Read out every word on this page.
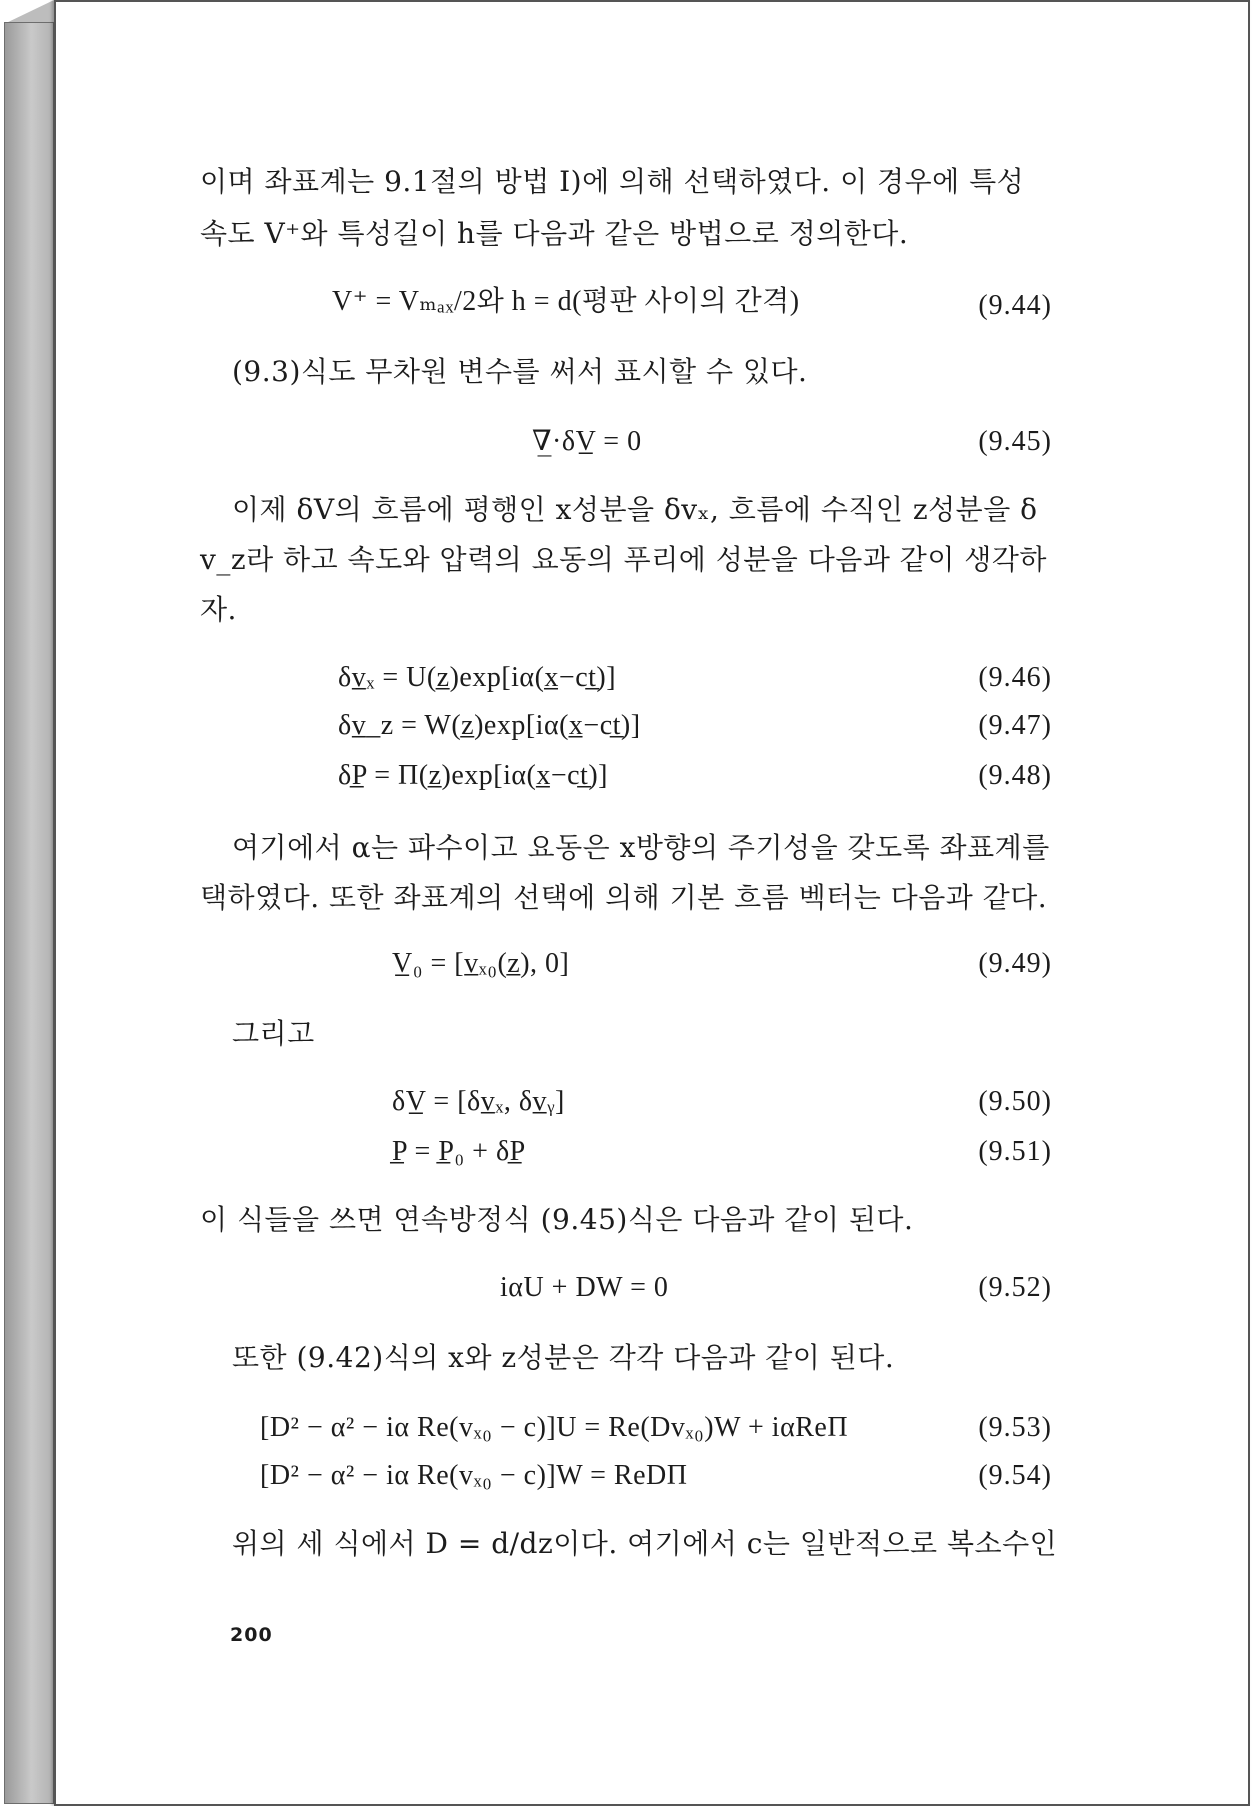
이며 좌표계는 9.1절의 방법 Ⅰ)에 의해 선택하였다. 이 경우에 특성
속도 V⁺와 특성길이 h를 다음과 같은 방법으로 정의한다.
V⁺ = Vₘₐₓ/2와 h = d(평판 사이의 간격)	(9.44)
(9.3)식도 무차원 변수를 써서 표시할 수 있다.
∇̲·δV̲ = 0	(9.45)
이제 δV의 흐름에 평행인 x성분을 δvₓ, 흐름에 수직인 z성분을 δ
v_z라 하고 속도와 압력의 요동의 푸리에 성분을 다음과 같이 생각하
자.
δv̲ₓ = U(z̲)exp[iα(x̲−ct̲)]	(9.46)
δv̲_z = W(z̲)exp[iα(x̲−ct̲)]	(9.47)
δP̲ = Π(z̲)exp[iα(x̲−ct̲)]	(9.48)
여기에서 α는 파수이고 요동은 x방향의 주기성을 갖도록 좌표계를
택하였다. 또한 좌표계의 선택에 의해 기본 흐름 벡터는 다음과 같다.
V̲₀ = [v̲ₓ₀(z̲), 0]	(9.49)
그리고
δV̲ = [δv̲ₓ, δv̲ᵧ]	(9.50)
P̲ = P̲₀ + δP̲	(9.51)
이 식들을 쓰면 연속방정식 (9.45)식은 다음과 같이 된다.
iαU + DW = 0	(9.52)
또한 (9.42)식의 x와 z성분은 각각 다음과 같이 된다.
[D² − α² − iα Re(vₓ₀ − c)]U = Re(Dvₓ₀)W + iαReΠ	(9.53)
[D² − α² − iα Re(vₓ₀ − c)]W = ReDΠ	(9.54)
위의 세 식에서 D = d/dz이다. 여기에서 c는 일반적으로 복소수인
200
